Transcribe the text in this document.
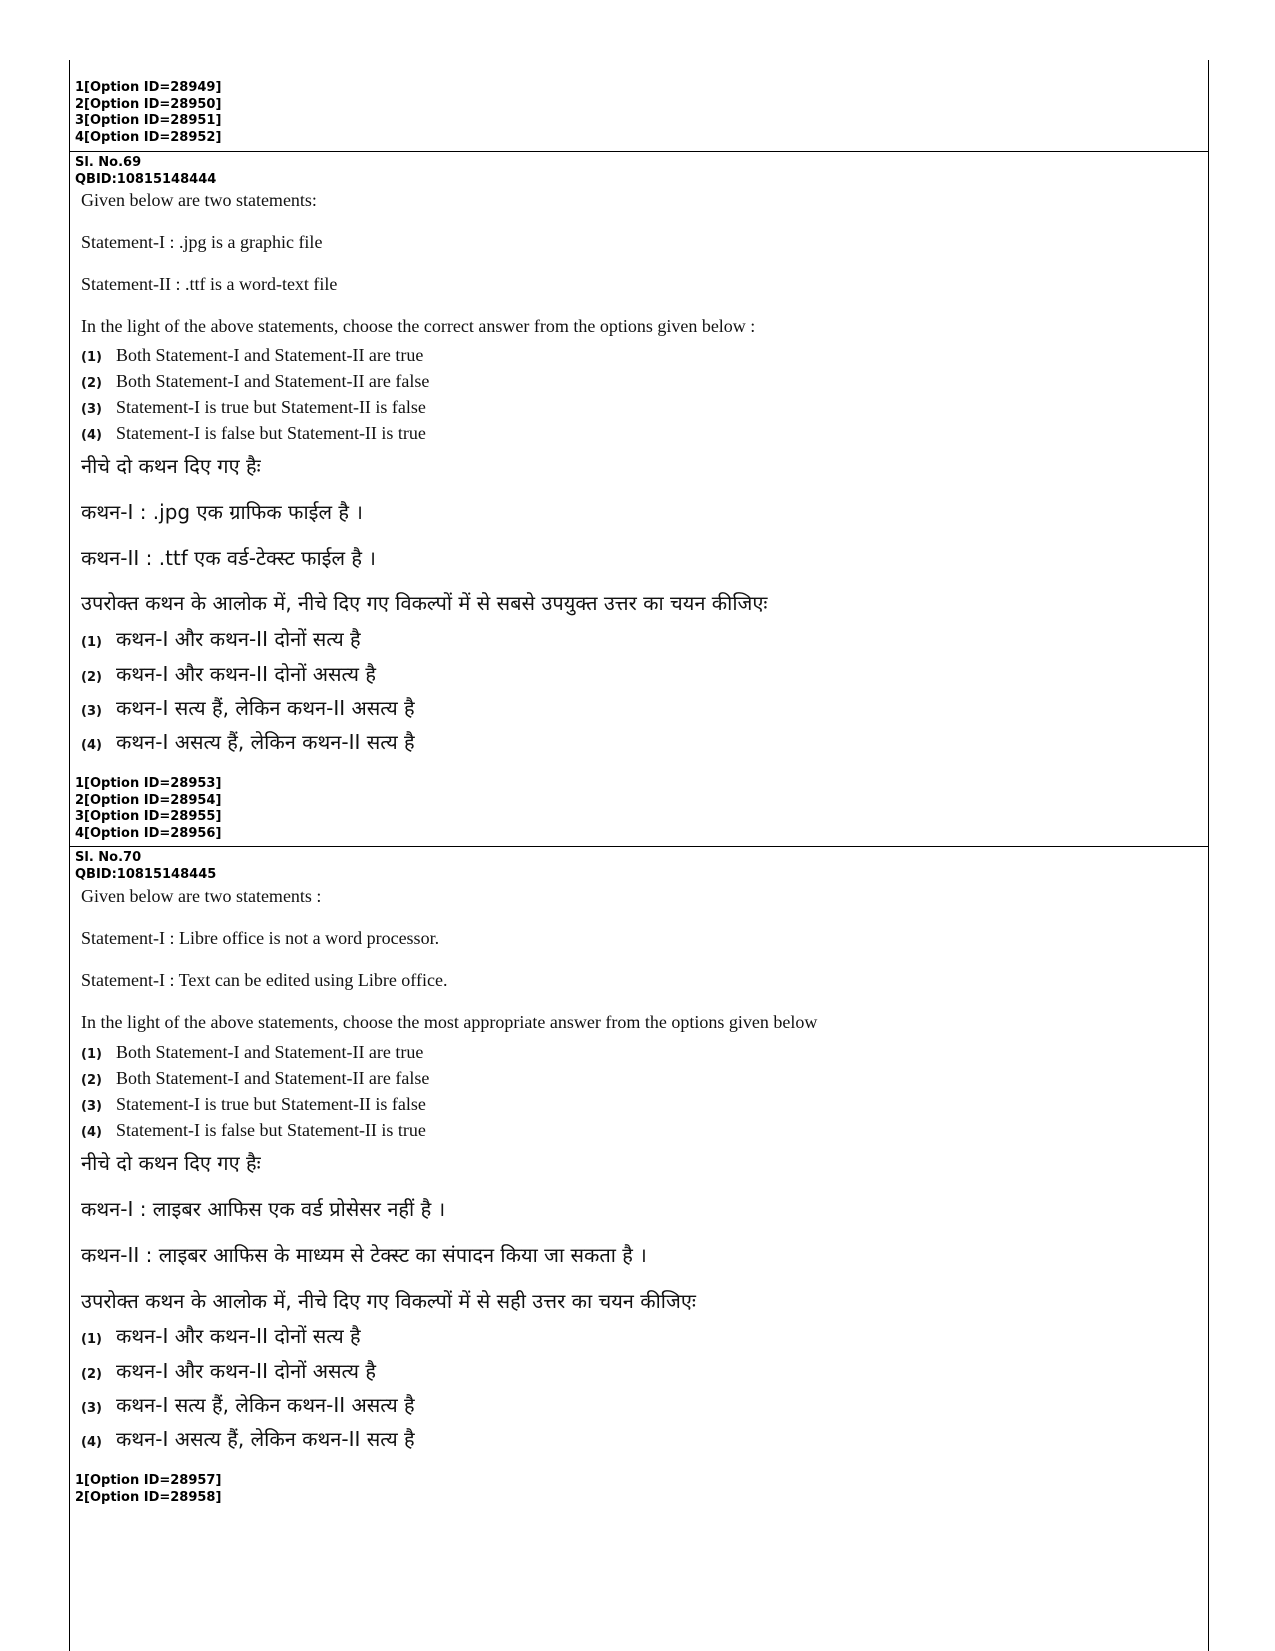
1[Option ID=28949]
2[Option ID=28950]
3[Option ID=28951]
4[Option ID=28952]
Sl. No.69
QBID:10815148444
Given below are two statements:
Statement-I : .jpg is a graphic file
Statement-II : .ttf is a word-text file
In the light of the above statements, choose the correct answer from the options given below :
(1) Both Statement-I and Statement-II are true
(2) Both Statement-I and Statement-II are false
(3) Statement-I is true but Statement-II is false
(4) Statement-I is false but Statement-II is true
नीचे दो कथन दिए गए हैः
कथन-I : .jpg एक ग्राफिक फाईल है ।
कथन-II : .ttf एक वर्ड-टेक्स्ट फाईल है ।
उपरोक्त कथन के आलोक में, नीचे दिए गए विकल्पों में से सबसे उपयुक्त उत्तर का चयन कीजिएः
(1) कथन-I और कथन-II दोनों सत्य है
(2) कथन-I और कथन-II दोनों असत्य है
(3) कथन-I सत्य हैं, लेकिन कथन-II असत्य है
(4) कथन-I असत्य हैं, लेकिन कथन-II सत्य है
1[Option ID=28953]
2[Option ID=28954]
3[Option ID=28955]
4[Option ID=28956]
Sl. No.70
QBID:10815148445
Given below are two statements :
Statement-I : Libre office is not a word processor.
Statement-I : Text can be edited using Libre office.
In the light of the above statements, choose the most appropriate answer from the options given below
(1) Both Statement-I and Statement-II are true
(2) Both Statement-I and Statement-II are false
(3) Statement-I is true but Statement-II is false
(4) Statement-I is false but Statement-II is true
नीचे दो कथन दिए गए हैः
कथन-I : लाइबर आफिस एक वर्ड प्रोसेसर नहीं है ।
कथन-II : लाइबर आफिस के माध्यम से टेक्स्ट का संपादन किया जा सकता है ।
उपरोक्त कथन के आलोक में, नीचे दिए गए विकल्पों में से सही उत्तर का चयन कीजिएः
(1) कथन-I और कथन-II दोनों सत्य है
(2) कथन-I और कथन-II दोनों असत्य है
(3) कथन-I सत्य हैं, लेकिन कथन-II असत्य है
(4) कथन-I असत्य हैं, लेकिन कथन-II सत्य है
1[Option ID=28957]
2[Option ID=28958]
